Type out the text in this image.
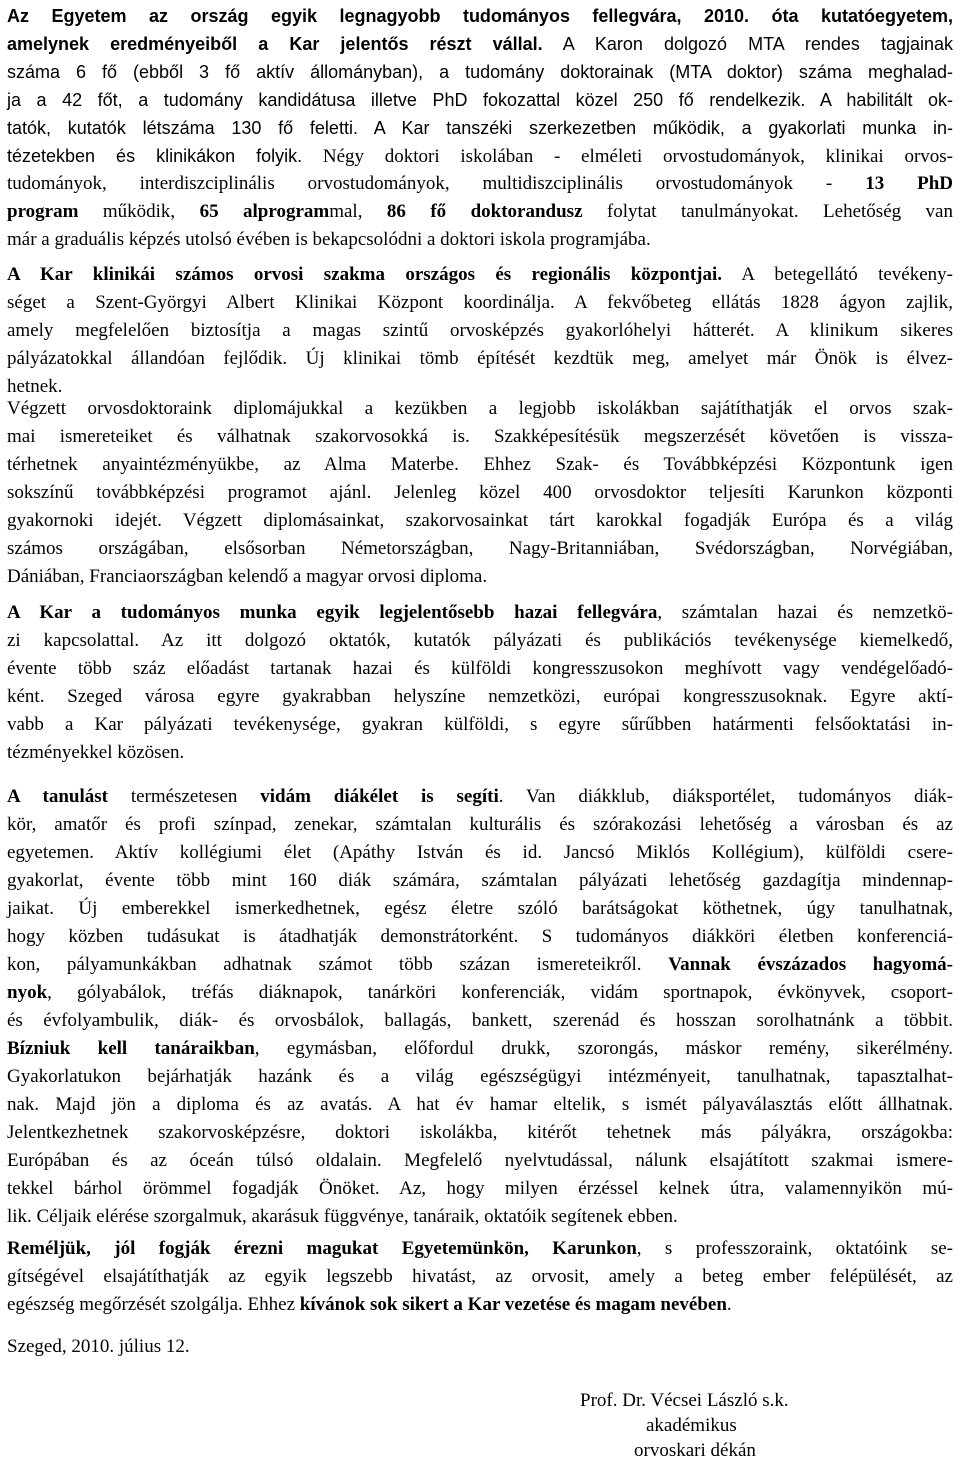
Az Egyetem az ország egyik legnagyobb tudományos fellegvára, 2010. óta kutatóegyetem,
amelynek eredményeiből a Kar jelentős részt vállal. A Karon dolgozó MTA rendes tagjainak
száma 6 fő (ebből 3 fő aktív állományban), a tudomány doktorainak (MTA doktor) száma meghalad-
ja a 42 főt, a tudomány kandidátusa illetve PhD fokozattal közel 250 fő rendelkezik. A habilitált ok-
tatók, kutatók létszáma 130 fő feletti. A Kar tanszéki szerkezetben működik, a gyakorlati munka in-
tézetekben és klinikákon folyik. Négy doktori iskolában - elméleti orvostudományok, klinikai orvos-
tudományok, interdiszciplinális orvostudományok, multidiszciplinális orvostudományok - 13 PhD
program működik, 65 alprogrammal, 86 fő doktorandusz folytat tanulmányokat. Lehetőség van
már a graduális képzés utolsó évében is bekapcsolódni a doktori iskola programjába.
A Kar klinikái számos orvosi szakma országos és regionális központjai. A betegellátó tevékeny-
séget a Szent-Györgyi Albert Klinikai Központ koordinálja. A fekvőbeteg ellátás 1828 ágyon zajlik,
amely megfelelően biztosítja a magas szintű orvosképzés gyakorlóhelyi hátterét. A klinikum sikeres
pályázatokkal állandóan fejlődik. Új klinikai tömb építését kezdtük meg, amelyet már Önök is élvez-
hetnek.
Végzett orvosdoktoraink diplomájukkal a kezükben a legjobb iskolákban sajátíthatják el orvos szak-
mai ismereteiket és válhatnak szakorvosokká is. Szakképesítésük megszerzését követően is vissza-
térhetnek anyaintézményükbe, az Alma Materbe. Ehhez Szak- és Továbbképzési Központunk igen
sokszínű továbbképzési programot ajánl. Jelenleg közel 400 orvosdoktor teljesíti Karunkon központi
gyakornoki idejét. Végzett diplomásainkat, szakorvosainkat tárt karokkal fogadják Európa és a világ
számos országában, elsősorban Németországban, Nagy-Britanniában, Svédországban, Norvégiában,
Dániában, Franciaországban kelendő a magyar orvosi diploma.
A Kar a tudományos munka egyik legjelentősebb hazai fellegvára, számtalan hazai és nemzetkö-
zi kapcsolattal. Az itt dolgozó oktatók, kutatók pályázati és publikációs tevékenysége kiemelkedő,
évente több száz előadást tartanak hazai és külföldi kongresszusokon meghívott vagy vendégelőadó-
ként. Szeged városa egyre gyakrabban helyszíne nemzetközi, európai kongresszusoknak. Egyre aktí-
vabb a Kar pályázati tevékenysége, gyakran külföldi, s egyre sűrűbben határmenti felsőoktatási in-
tézményekkel közösen.
A tanulást természetesen vidám diákélet is segíti. Van diákklub, diáksportélet, tudományos diák-
kör, amatőr és profi színpad, zenekar, számtalan kulturális és szórakozási lehetőség a városban és az
egyetemen. Aktív kollégiumi élet (Apáthy István és id. Jancsó Miklós Kollégium), külföldi csere-
gyakorlat, évente több mint 160 diák számára, számtalan pályázati lehetőség gazdagítja mindennap-
jaikat. Új emberekkel ismerkedhetnek, egész életre szóló barátságokat köthetnek, úgy tanulhatnak,
hogy közben tudásukat is átadhatják demonstrátorként. S tudományos diákköri életben konferenciá-
kon, pályamunkákban adhatnak számot több százan ismereteikről. Vannak évszázados hagyomá-
nyok, gólyabálok, tréfás diáknapok, tanárköri konferenciák, vidám sportnapok, évkönyvek, csoport-
és évfolyambulik, diák- és orvosbálok, ballagás, bankett, szerenád és hosszan sorolhatnánk a többit.
Bízniuk kell tanáraikban, egymásban, előfordul drukk, szorongás, máskor remény, sikerélmény.
Gyakorlatukon bejárhatják hazánk és a világ egészségügyi intézményeit, tanulhatnak, tapasztalhat-
nak. Majd jön a diploma és az avatás. A hat év hamar eltelik, s ismét pályaválasztás előtt állhatnak.
Jelentkezhetnek szakorvosképzésre, doktori iskolákba, kitérőt tehetnek más pályákra, országokba:
Európában és az óceán túlsó oldalain. Megfelelő nyelvtudással, nálunk elsajátított szakmai ismere-
tekkel bárhol örömmel fogadják Önöket. Az, hogy milyen érzéssel kelnek útra, valamennyikön mú-
lik. Céljaik elérése szorgalmuk, akarásuk függvénye, tanáraik, oktatóik segítenek ebben.
Reméljük, jól fogják érezni magukat Egyetemünkön, Karunkon, s professzoraink, oktatóink se-
gítségével elsajátíthatják az egyik legszebb hivatást, az orvosit, amely a beteg ember felépülését, az
egészség megőrzését szolgálja. Ehhez kívánok sok sikert a Kar vezetése és magam nevében.
Szeged, 2010. július 12.
Prof. Dr. Vécsei László s.k.
akadémikus
orvoskari dékán
